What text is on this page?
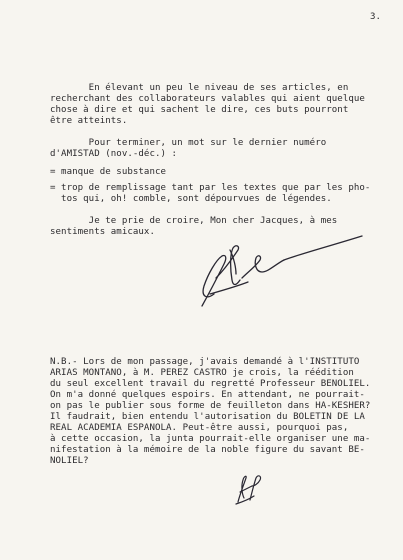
3.
En élevant un peu le niveau de ses articles, en
recherchant des collaborateurs valables qui aient quelque
chose à dire et qui sachent le dire, ces buts pourront
être atteints.
Pour terminer, un mot sur le dernier numéro
d'AMISTAD (nov.-déc.) :
= manque de substance
= trop de remplissage tant par les textes que par les pho-
tos qui, oh! comble, sont dépourvues de légendes.
Je te prie de croire, Mon cher Jacques, à mes
sentiments amicaux.
N.B.- Lors de mon passage, j'avais demandé à l'INSTITUTO
ARIAS MONTANO, à M. PEREZ CASTRO je crois, la réédition
du seul excellent travail du regretté Professeur BENOLIEL.
On m'a donné quelques espoirs. En attendant, ne pourrait-
on pas le publier sous forme de feuilleton dans HA-KESHER?
Il faudrait, bien entendu l'autorisation du BOLETIN DE LA
REAL ACADEMIA ESPANOLA. Peut-être aussi, pourquoi pas,
à cette occasion, la junta pourrait-elle organiser une ma-
nifestation à la mémoire de la noble figure du savant BE-
NOLIEL?
